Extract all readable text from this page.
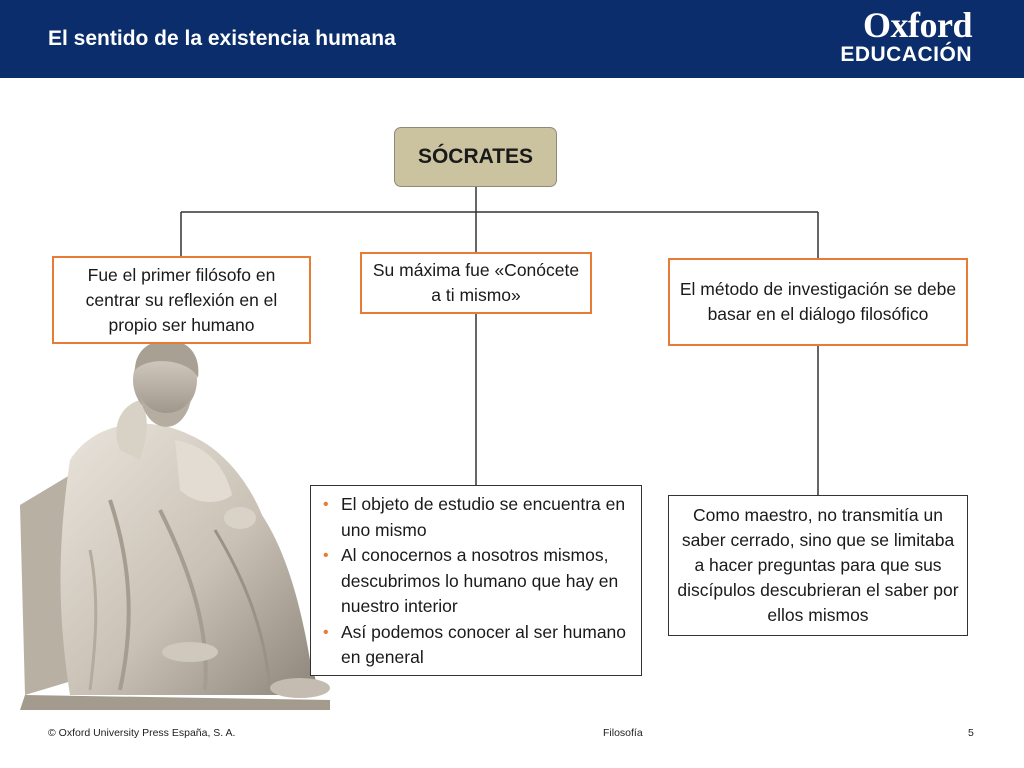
El sentido de la existencia humana	Oxford
EDUCACIÓN
SÓCRATES
Fue el primer filósofo en centrar su reflexión en el propio ser humano
Su máxima fue «Conócete a ti mismo»	El método de investigación se debe basar en el diálogo filosófico
• El objeto de estudio se encuentra en uno mismo
• Al conocernos a nosotros mismos, descubrimos lo humano que hay en nuestro interior
• Así podemos conocer al ser humano en general
Como maestro, no transmitía un saber cerrado, sino que se limitaba a hacer preguntas para que sus discípulos descubrieran el saber por ellos mismos
© Oxford University Press España, S. A.	Filosofía	5
